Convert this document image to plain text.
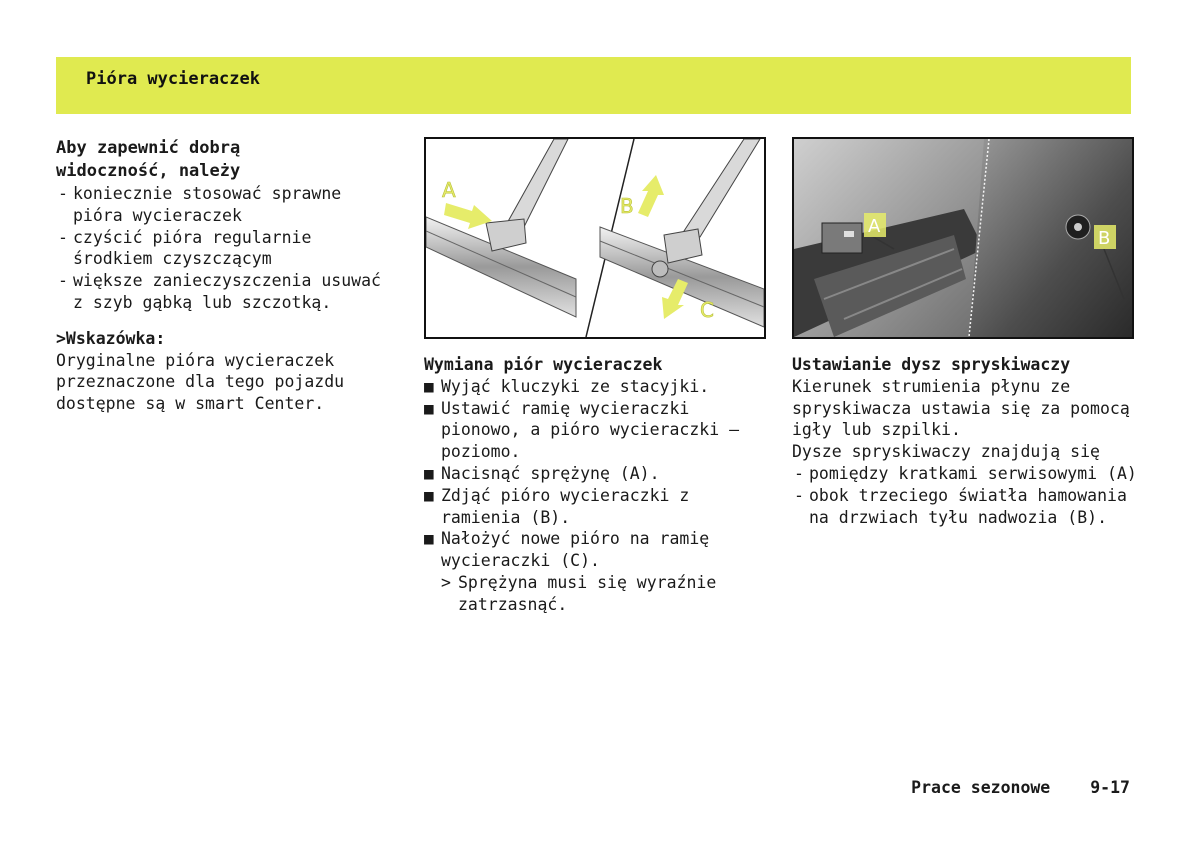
Pióra wycieraczek
Aby zapewnić dobrą
widoczność, należy
- koniecznie stosować sprawne pióra wycieraczek
- czyścić pióra regularnie środkiem czyszczącym
- większe zanieczyszczenia usuwać z szyb gąbką lub szczotką.
>Wskazówka:
Oryginalne pióra wycieraczek przeznaczone dla tego pojazdu dostępne są w smart Center.
A
B
C
A
B
Wymiana piór wycieraczek
■ Wyjąć kluczyki ze stacyjki.
■ Ustawić ramię wycieraczki pionowo, a pióro wycieraczki — poziomo.
■ Nacisnąć sprężynę (A).
■ Zdjąć pióro wycieraczki z ramienia (B).
■ Nałożyć nowe pióro na ramię wycieraczki (C).
> Sprężyna musi się wyraźnie zatrzasnąć.
Ustawianie dysz spryskiwaczy
Kierunek strumienia płynu ze spryskiwacza ustawia się za pomocą igły lub szpilki.
Dysze spryskiwaczy znajdują się
- pomiędzy kratkami serwisowymi (A)
- obok trzeciego światła hamowania na drzwiach tyłu nadwozia (B).
Prace sezonowe 9-17
